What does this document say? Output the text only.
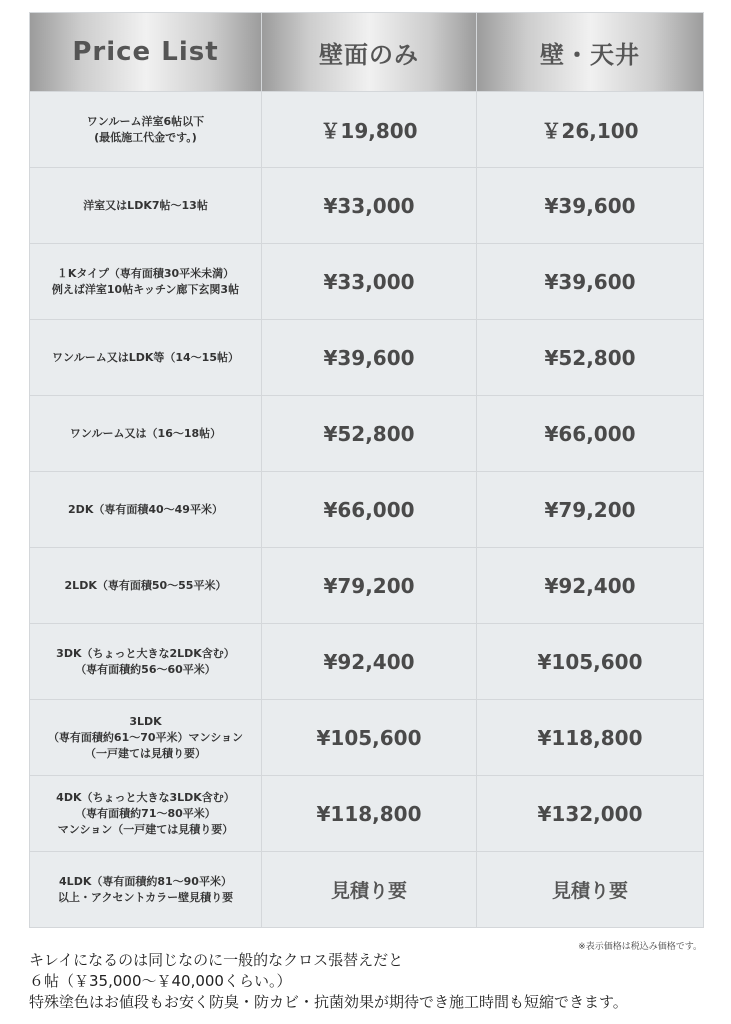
Price List	壁面のみ	壁・天井
ワンルーム洋室6帖以下
(最低施工代金です。)	￥19,800	￥26,100
洋室又はLDK7帖〜13帖	¥33,000	¥39,600
１Kタイプ（専有面積30平米未満）
例えば洋室10帖キッチン廊下玄関3帖	¥33,000	¥39,600
ワンルーム又はLDK等（14〜15帖）	¥39,600	¥52,800
ワンルーム又は（16〜18帖）	¥52,800	¥66,000
2DK（専有面積40〜49平米）	¥66,000	¥79,200
2LDK（専有面積50〜55平米）	¥79,200	¥92,400
3DK（ちょっと大きな2LDK含む）
（専有面積約56〜60平米）	¥92,400	¥105,600
3LDK
（専有面積約61〜70平米）マンション
（一戸建ては見積り要）	¥105,600	¥118,800
4DK（ちょっと大きな3LDK含む）
（専有面積約71〜80平米）
マンション（一戸建ては見積り要）	¥118,800	¥132,000
4LDK（専有面積約81〜90平米）
以上・アクセントカラー壁見積り要	見積り要	見積り要
※表示価格は税込み価格です。
キレイになるのは同じなのに一般的なクロス張替えだと
６帖（￥35,000〜￥40,000くらい。）
特殊塗色はお値段もお安く防臭・防カビ・抗菌効果が期待でき施工時間も短縮できます。
